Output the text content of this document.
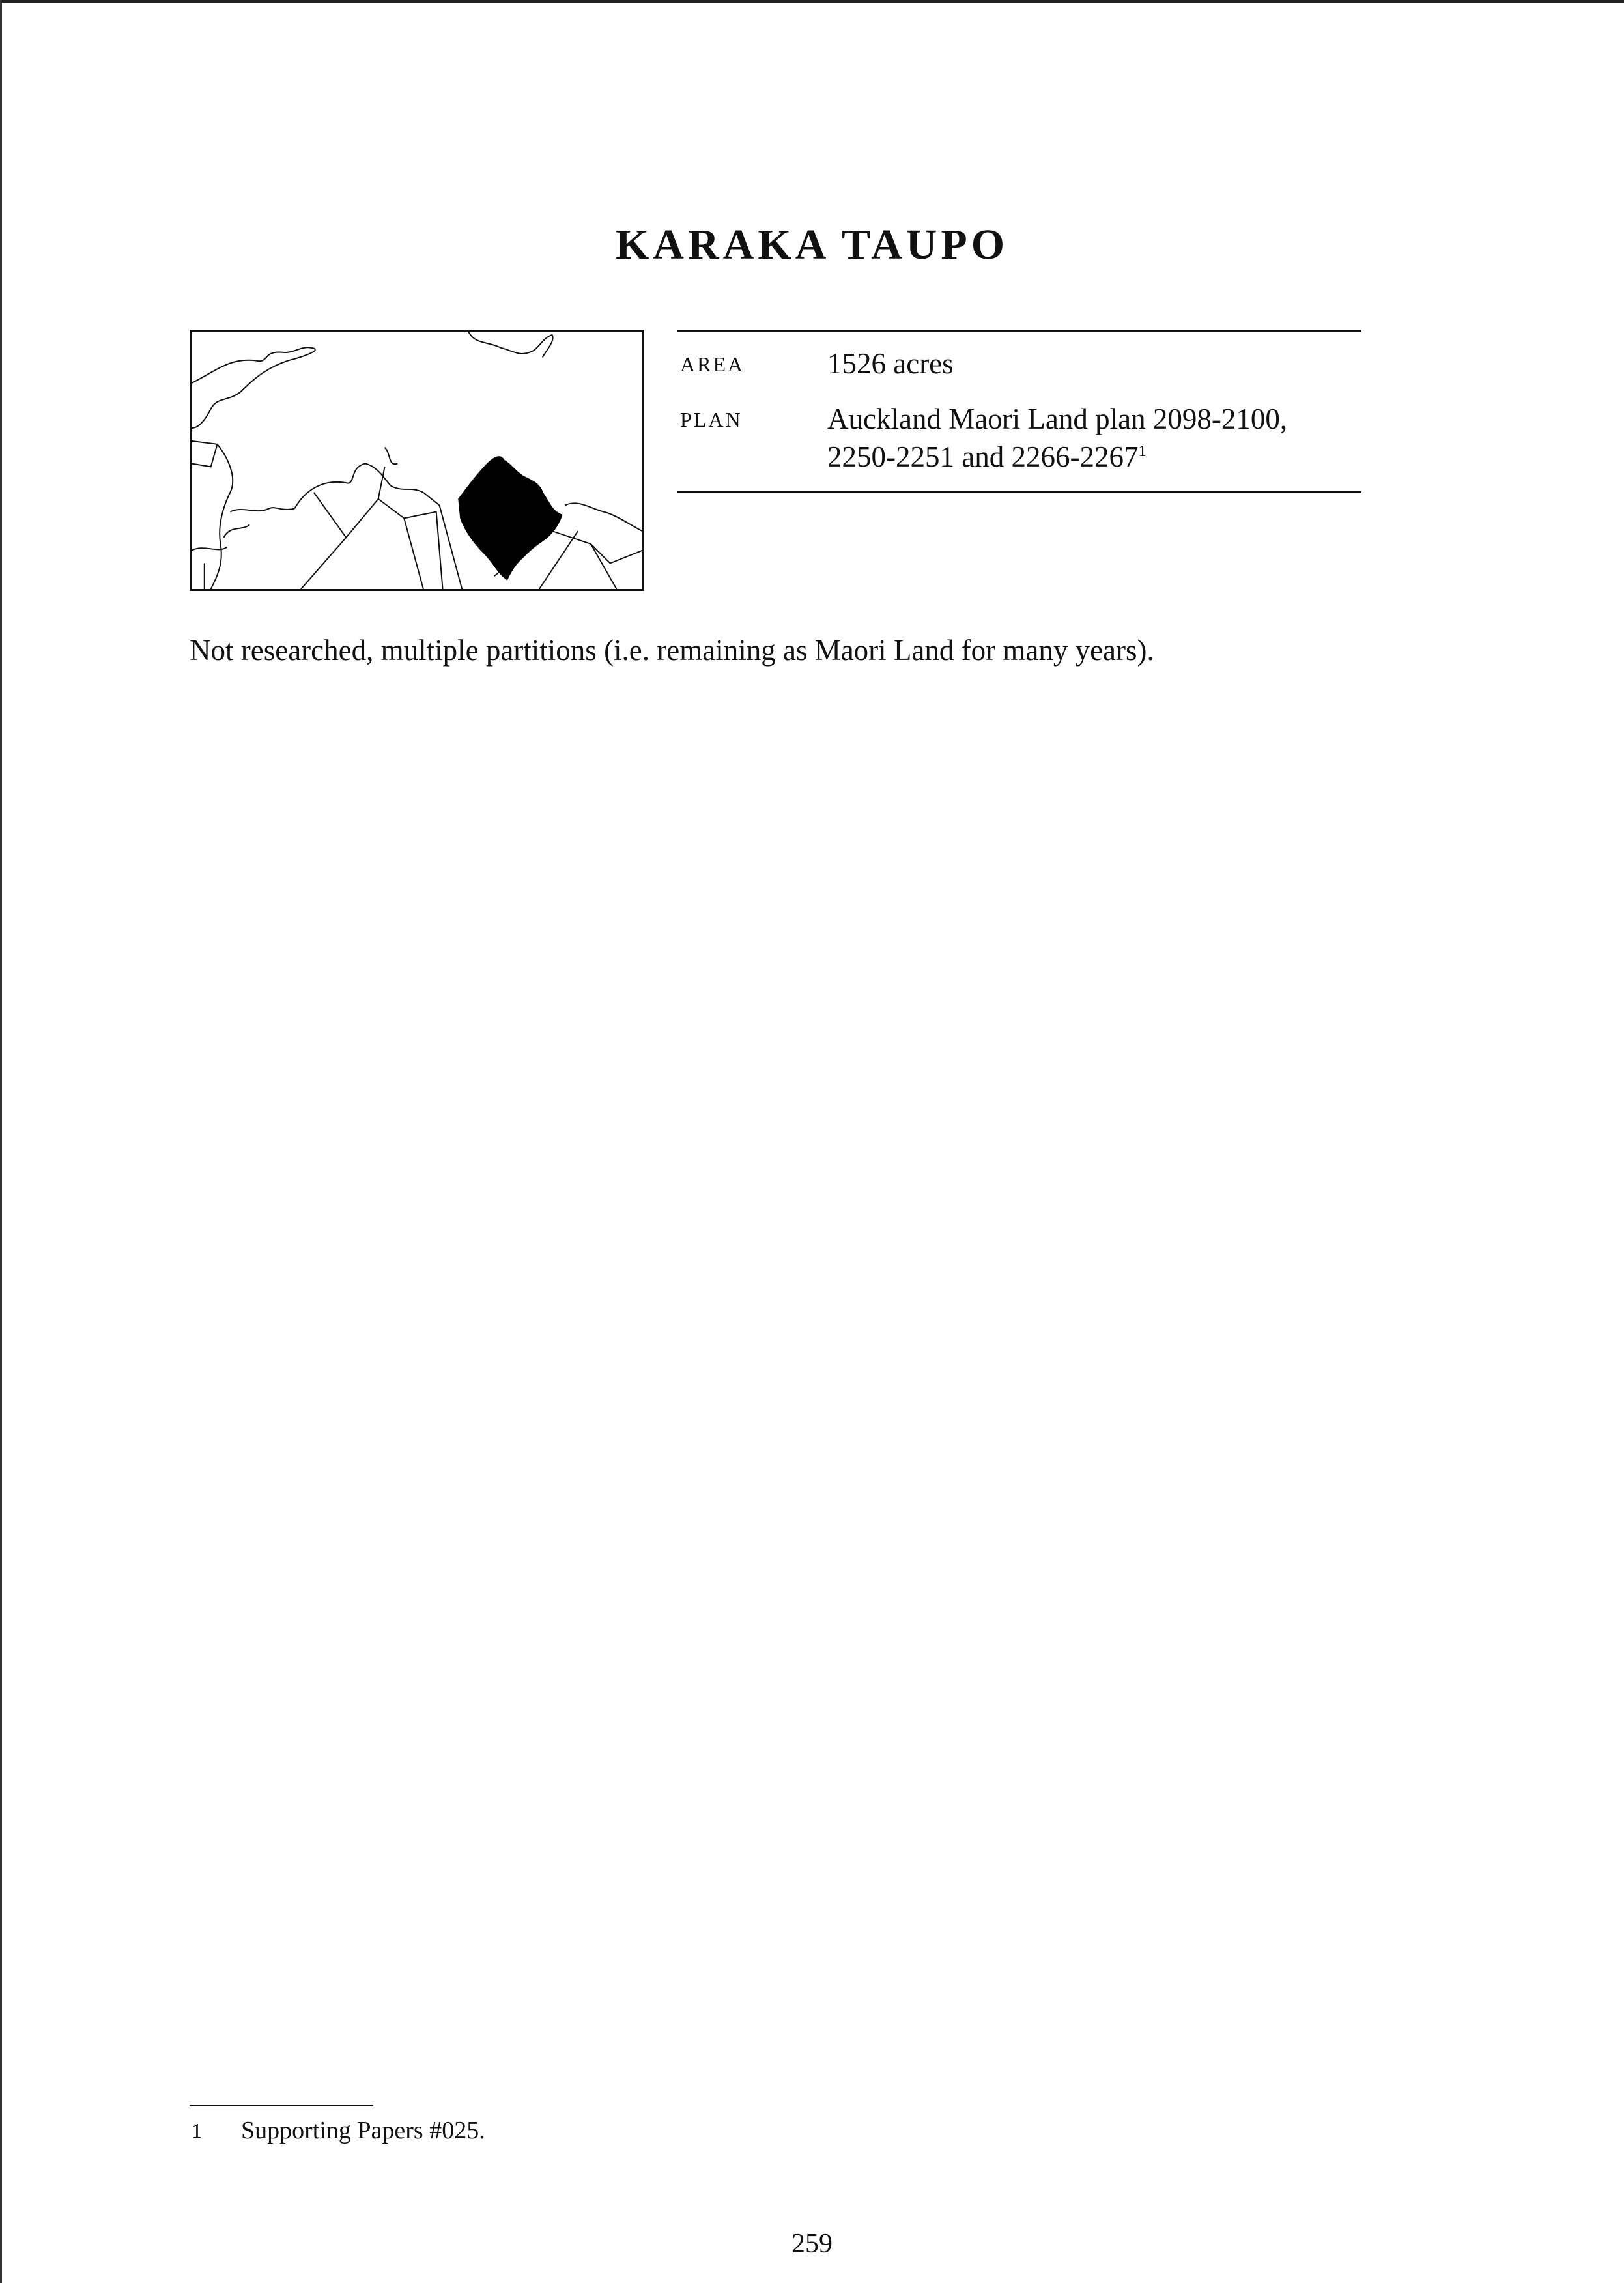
KARAKA TAUPO
AREA	1526 acres
PLAN	Auckland Maori Land plan 2098-2100,
2250-2251 and 2266-2267$^1$
Not researched, multiple partitions (i.e. remaining as Maori Land for many years).
1 Supporting Papers #025.
259
